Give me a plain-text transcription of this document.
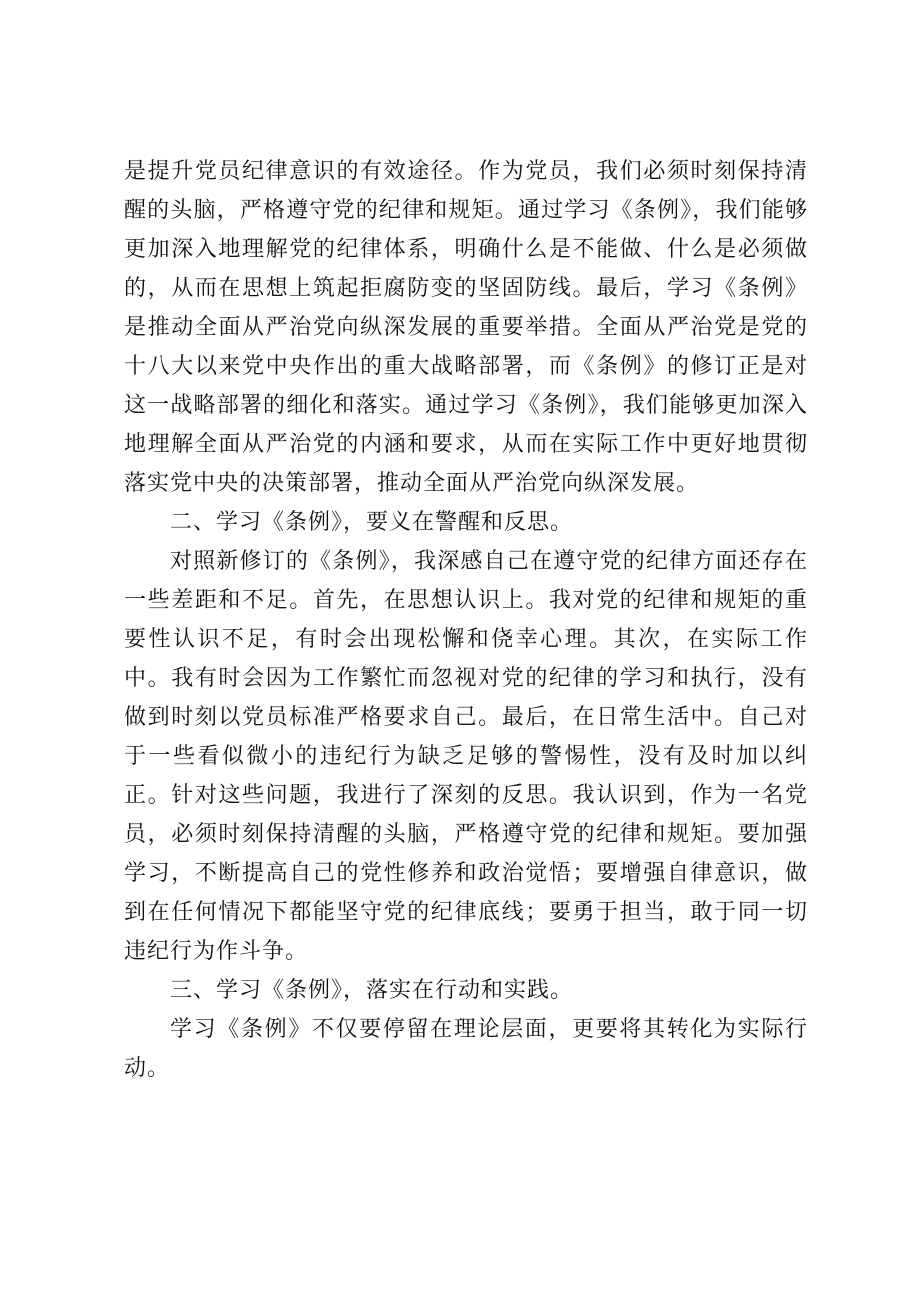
是提升党员纪律意识的有效途径。作为党员，我们必须时刻保持清醒的头脑，严格遵守党的纪律和规矩。通过学习《条例》，我们能够更加深入地理解党的纪律体系，明确什么是不能做、什么是必须做的，从而在思想上筑起拒腐防变的坚固防线。最后，学习《条例》是推动全面从严治党向纵深发展的重要举措。全面从严治党是党的十八大以来党中央作出的重大战略部署，而《条例》的修订正是对这一战略部署的细化和落实。通过学习《条例》，我们能够更加深入地理解全面从严治党的内涵和要求，从而在实际工作中更好地贯彻落实党中央的决策部署，推动全面从严治党向纵深发展。

二、学习《条例》，要义在警醒和反思。

对照新修订的《条例》，我深感自己在遵守党的纪律方面还存在一些差距和不足。首先，在思想认识上。我对党的纪律和规矩的重要性认识不足，有时会出现松懈和侥幸心理。其次，在实际工作中。我有时会因为工作繁忙而忽视对党的纪律的学习和执行，没有做到时刻以党员标准严格要求自己。最后，在日常生活中。自己对于一些看似微小的违纪行为缺乏足够的警惕性，没有及时加以纠正。针对这些问题，我进行了深刻的反思。我认识到，作为一名党员，必须时刻保持清醒的头脑，严格遵守党的纪律和规矩。要加强学习，不断提高自己的党性修养和政治觉悟；要增强自律意识，做到在任何情况下都能坚守党的纪律底线；要勇于担当，敢于同一切违纪行为作斗争。

三、学习《条例》，落实在行动和实践。

学习《条例》不仅要停留在理论层面，更要将其转化为实际行动。
